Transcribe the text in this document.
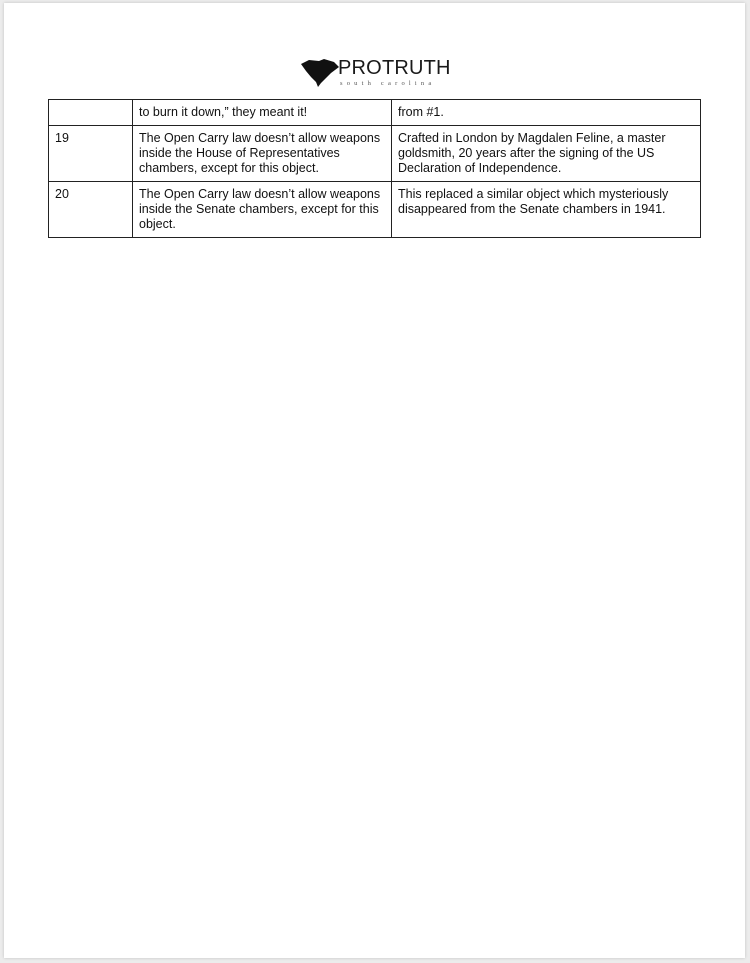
PROTRUTH
south carolina
	to burn it down,” they meant it!	from #1.
19	The Open Carry law doesn’t allow weapons inside the House of Representatives chambers, except for this object.	Crafted in London by Magdalen Feline, a master goldsmith, 20 years after the signing of the US Declaration of Independence.
20	The Open Carry law doesn’t allow weapons inside the Senate chambers, except for this object.	This replaced a similar object which mysteriously disappeared from the Senate chambers in 1941.
